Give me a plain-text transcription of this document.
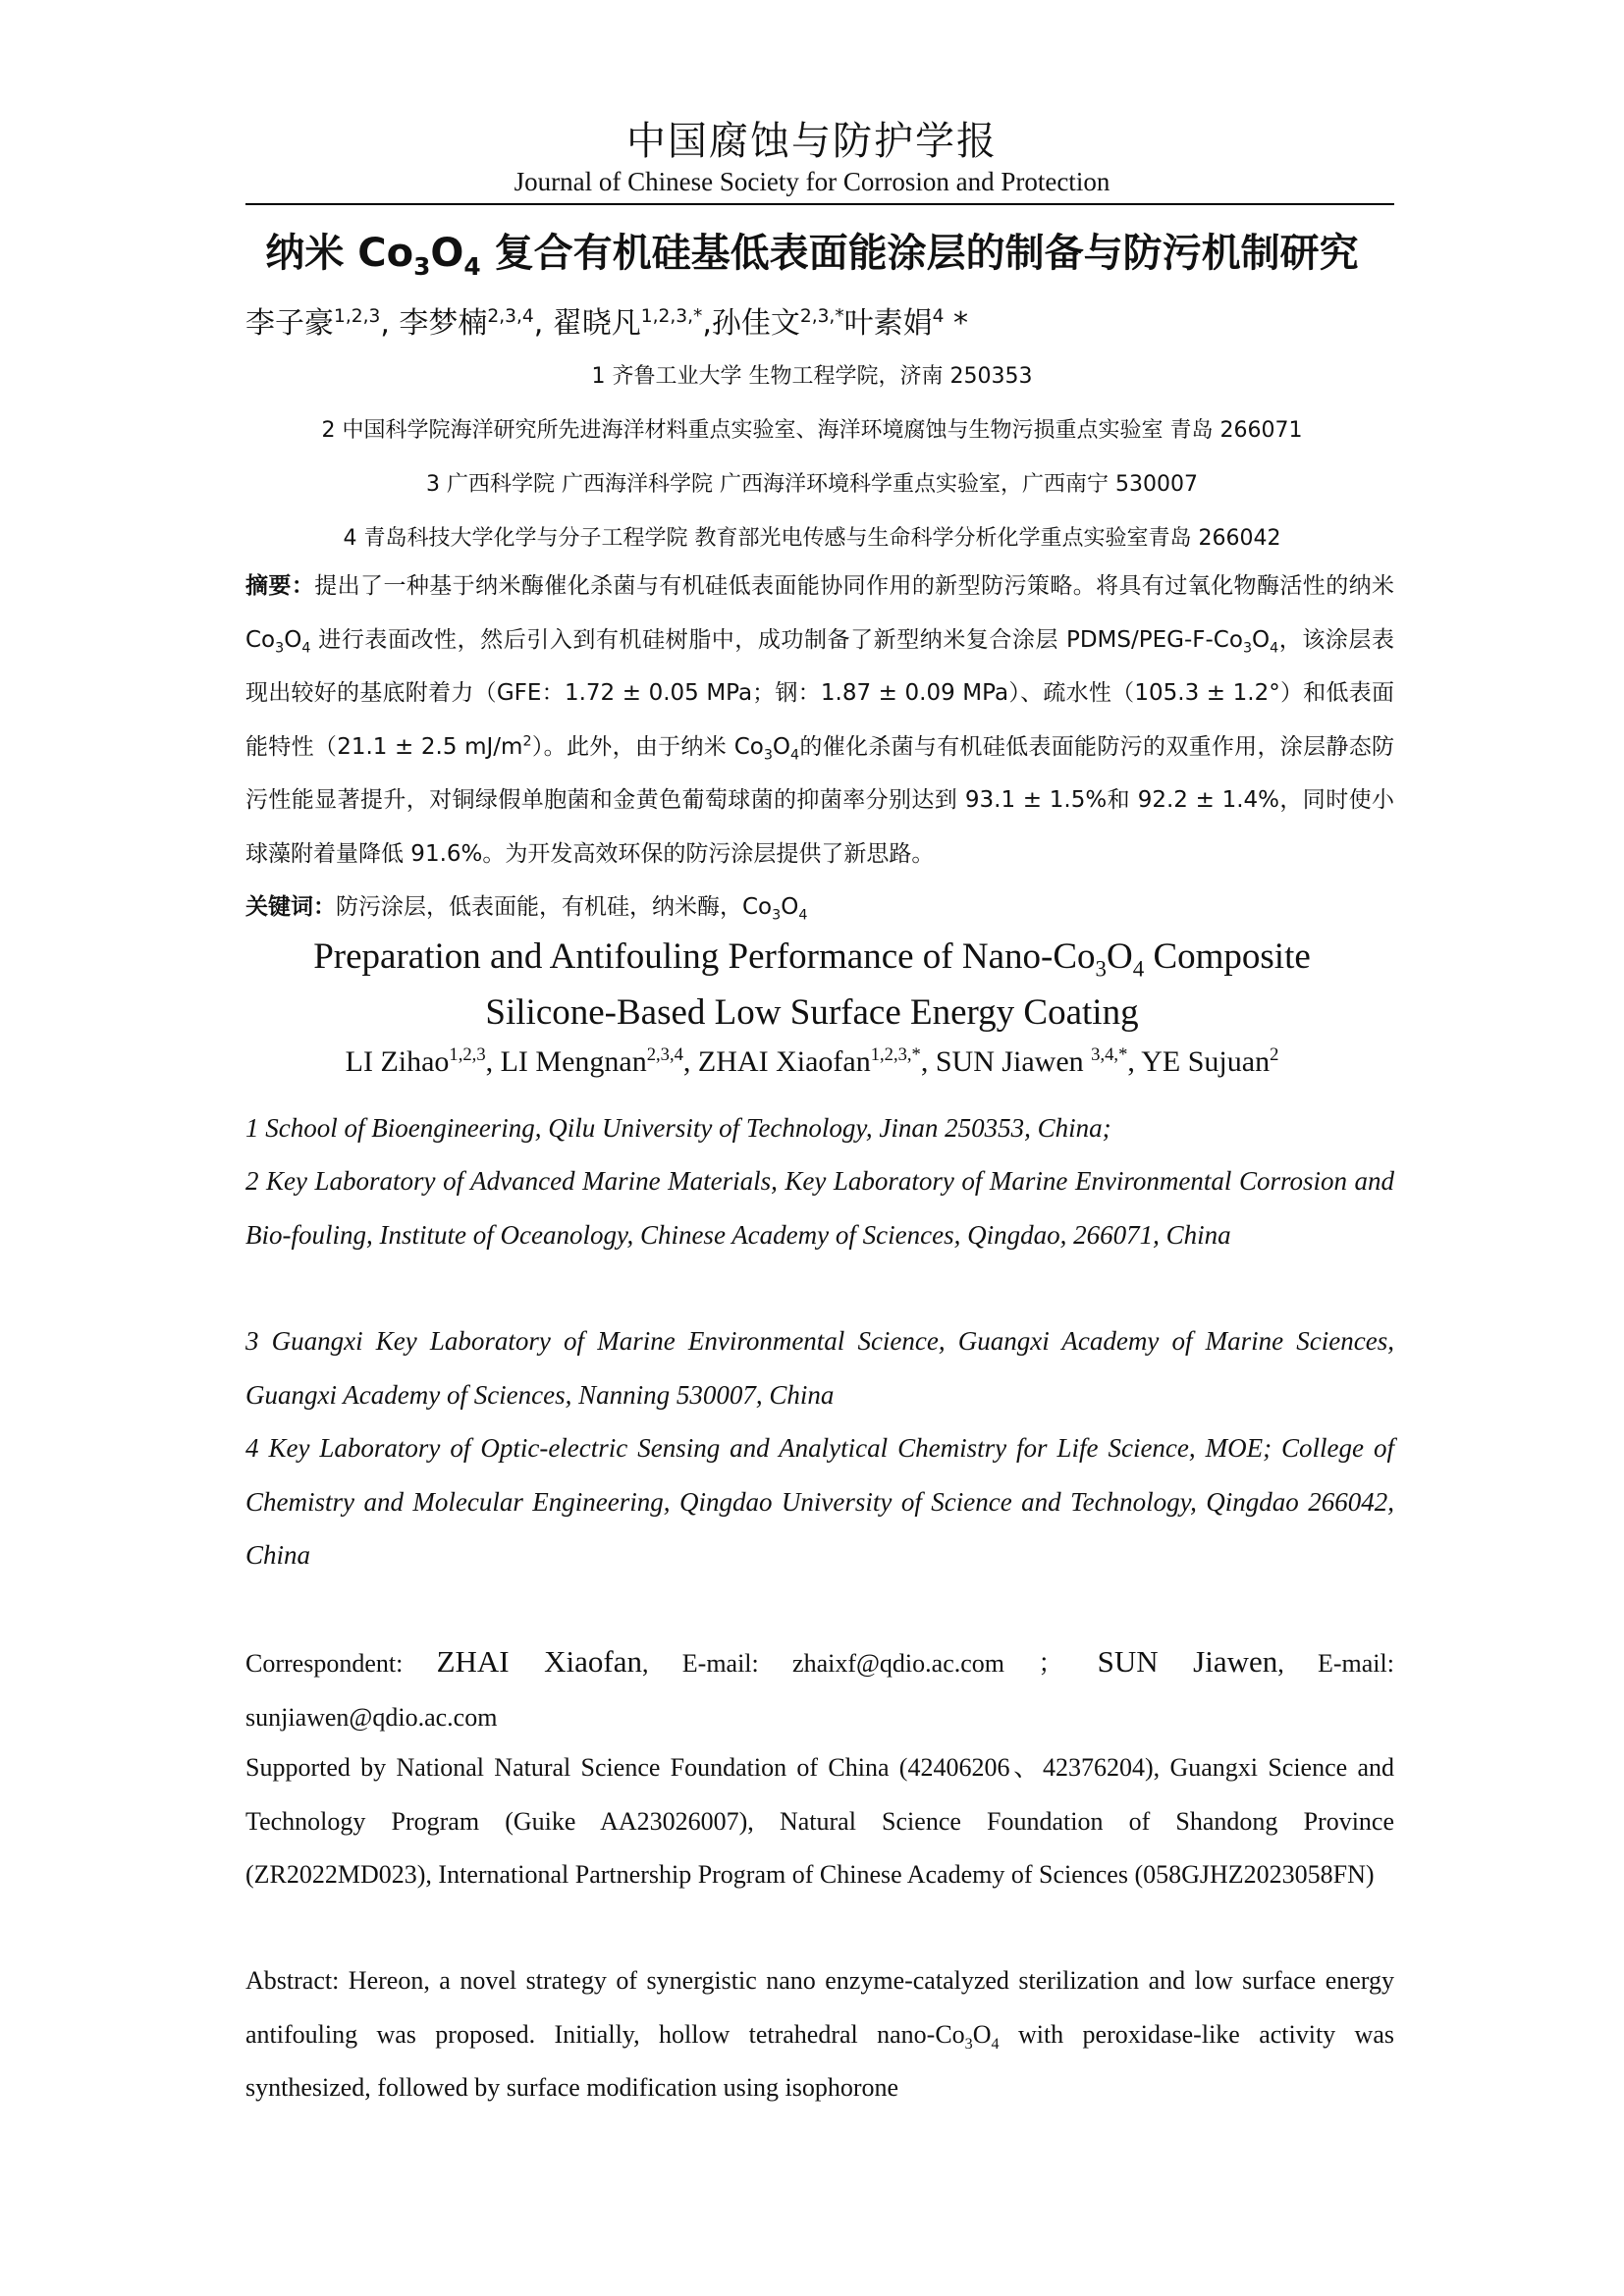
中国腐蚀与防护学报
Journal of Chinese Society for Corrosion and Protection
纳米 $Co_3O_4$ 复合有机硅基低表面能涂层的制备与防污机制研究
李子豪$^{1,2,3}$, 李梦楠$^{2,3,4}$, 翟晓凡$^{1,2,3,*}$,孙佳文$^{2,3,*}$叶素娟$^4$ *
1 齐鲁工业大学 生物工程学院，济南 250353
2 中国科学院海洋研究所先进海洋材料重点实验室、海洋环境腐蚀与生物污损重点实验室 青岛 266071
3 广西科学院 广西海洋科学院 广西海洋环境科学重点实验室，广西南宁 530007
4 青岛科技大学化学与分子工程学院 教育部光电传感与生命科学分析化学重点实验室青岛 266042
摘要：提出了一种基于纳米酶催化杀菌与有机硅低表面能协同作用的新型防污策略。将具有过氧化物酶活性的纳米 $Co_3O_4$ 进行表面改性，然后引入到有机硅树脂中，成功制备了新型纳米复合涂层 PDMS/$PEG-F-Co_3O_4$，该涂层表现出较好的基底附着力（GFE：1.72 ± 0.05 MPa；钢：1.87 ± 0.09 MPa）、疏水性（105.3 ± 1.2°）和低表面能特性（21.1 ± 2.5 $mJ/m^2$）。此外，由于纳米 $Co_3O_4$的催化杀菌与有机硅低表面能防污的双重作用，涂层静态防污性能显著提升，对铜绿假单胞菌和金黄色葡萄球菌的抑菌率分别达到 93.1 ± 1.5%和 92.2 ± 1.4%，同时使小球藻附着量降低 91.6%。为开发高效环保的防污涂层提供了新思路。
关键词：防污涂层，低表面能，有机硅，纳米酶，$Co_3O_4$
Preparation and Antifouling Performance of Nano-$Co_3O_4$ Composite
Silicone-Based Low Surface Energy Coating
LI Zihao$^{1,2,3}$, LI Mengnan$^{2,3,4}$, ZHAI Xiaofan$^{1,2,3,*}$, SUN Jiawen $^{3,4,*}$, YE Sujuan$^2$
1 School of Bioengineering, Qilu University of Technology, Jinan 250353, China;
2 Key Laboratory of Advanced Marine Materials, Key Laboratory of Marine Environmental Corrosion and Bio-fouling, Institute of Oceanology, Chinese Academy of Sciences, Qingdao, 266071, China
3 Guangxi Key Laboratory of Marine Environmental Science, Guangxi Academy of Marine Sciences, Guangxi Academy of Sciences, Nanning 530007, China
4 Key Laboratory of Optic-electric Sensing and Analytical Chemistry for Life Science, MOE; College of Chemistry and Molecular Engineering, Qingdao University of Science and Technology, Qingdao 266042, China
Correspondent: ZHAI Xiaofan, E-mail: zhaixf@qdio.ac.com ； SUN Jiawen, E-mail: sunjiawen@qdio.ac.com
Supported by National Natural Science Foundation of China (42406206、42376204), Guangxi Science and Technology Program (Guike AA23026007), Natural Science Foundation of Shandong Province (ZR2022MD023), International Partnership Program of Chinese Academy of Sciences (058GJHZ2023058FN)
Abstract: Hereon, a novel strategy of synergistic nano enzyme-catalyzed sterilization and low surface energy antifouling was proposed. Initially, hollow tetrahedral nano-$Co_3O_4$ with peroxidase-like activity was synthesized, followed by surface modification using isophorone
